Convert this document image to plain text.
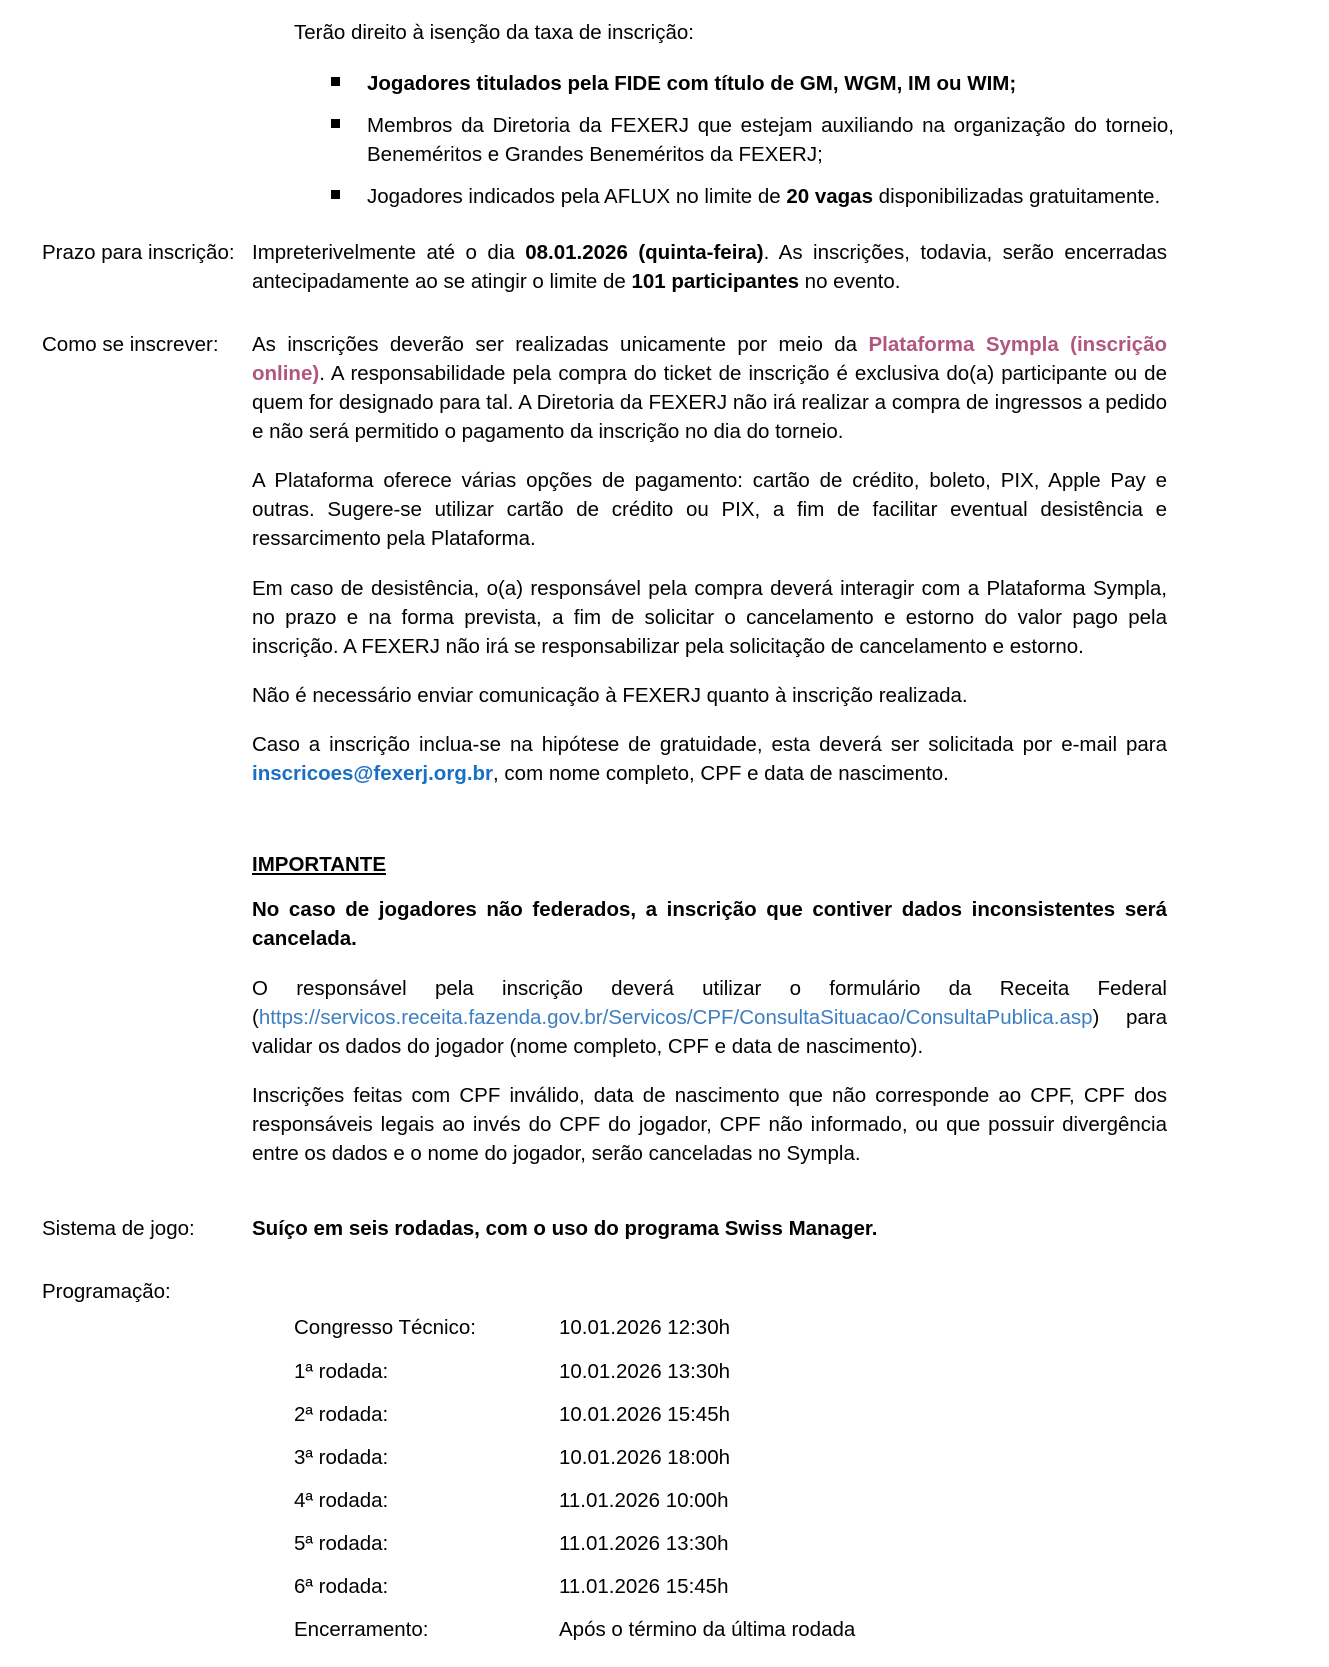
Terão direito à isenção da taxa de inscrição:

Jogadores titulados pela FIDE com título de GM, WGM, IM ou WIM;
Membros da Diretoria da FEXERJ que estejam auxiliando na organização do torneio, Beneméritos e Grandes Beneméritos da FEXERJ;
Jogadores indicados pela AFLUX no limite de 20 vagas disponibilizadas gratuitamente.
Prazo para inscrição: Impreterivelmente até o dia 08.01.2026 (quinta-feira). As inscrições, todavia, serão encerradas antecipadamente ao se atingir o limite de 101 participantes no evento.

Como se inscrever:	As inscrições deverão ser realizadas unicamente por meio da Plataforma Sympla (inscrição online). A responsabilidade pela compra do ticket de inscrição é exclusiva do(a) participante ou de quem for designado para tal. A Diretoria da FEXERJ não irá realizar a compra de ingressos a pedido e não será permitido o pagamento da inscrição no dia do torneio.

A Plataforma oferece várias opções de pagamento: cartão de crédito, boleto, PIX, Apple Pay e outras. Sugere-se utilizar cartão de crédito ou PIX, a fim de facilitar eventual desistência e ressarcimento pela Plataforma.

Em caso de desistência, o(a) responsável pela compra deverá interagir com a Plataforma Sympla, no prazo e na forma prevista, a fim de solicitar o cancelamento e estorno do valor pago pela inscrição. A FEXERJ não irá se responsabilizar pela solicitação de cancelamento e estorno.

Não é necessário enviar comunicação à FEXERJ quanto à inscrição realizada.

Caso a inscrição inclua-se na hipótese de gratuidade, esta deverá ser solicitada por e-mail para inscricoes@fexerj.org.br, com nome completo, CPF e data de nascimento.

IMPORTANTE

No caso de jogadores não federados, a inscrição que contiver dados inconsistentes será cancelada.

O responsável pela inscrição deverá utilizar o formulário da Receita Federal (https://servicos.receita.fazenda.gov.br/Servicos/CPF/ConsultaSituacao/ConsultaPublica.asp) para validar os dados do jogador (nome completo, CPF e data de nascimento).

Inscrições feitas com CPF inválido, data de nascimento que não corresponde ao CPF, CPF dos responsáveis legais ao invés do CPF do jogador, CPF não informado, ou que possuir divergência entre os dados e o nome do jogador, serão canceladas no Sympla.

Sistema de jogo:	Suíço em seis rodadas, com o uso do programa Swiss Manager.

Programação:
Congresso Técnico:	10.01.2026 12:30h
1ª rodada:	10.01.2026 13:30h
2ª rodada:	10.01.2026 15:45h
3ª rodada:	10.01.2026 18:00h
4ª rodada:	11.01.2026 10:00h
5ª rodada:	11.01.2026 13:30h
6ª rodada:	11.01.2026 15:45h
Encerramento:	Após o término da última rodada
